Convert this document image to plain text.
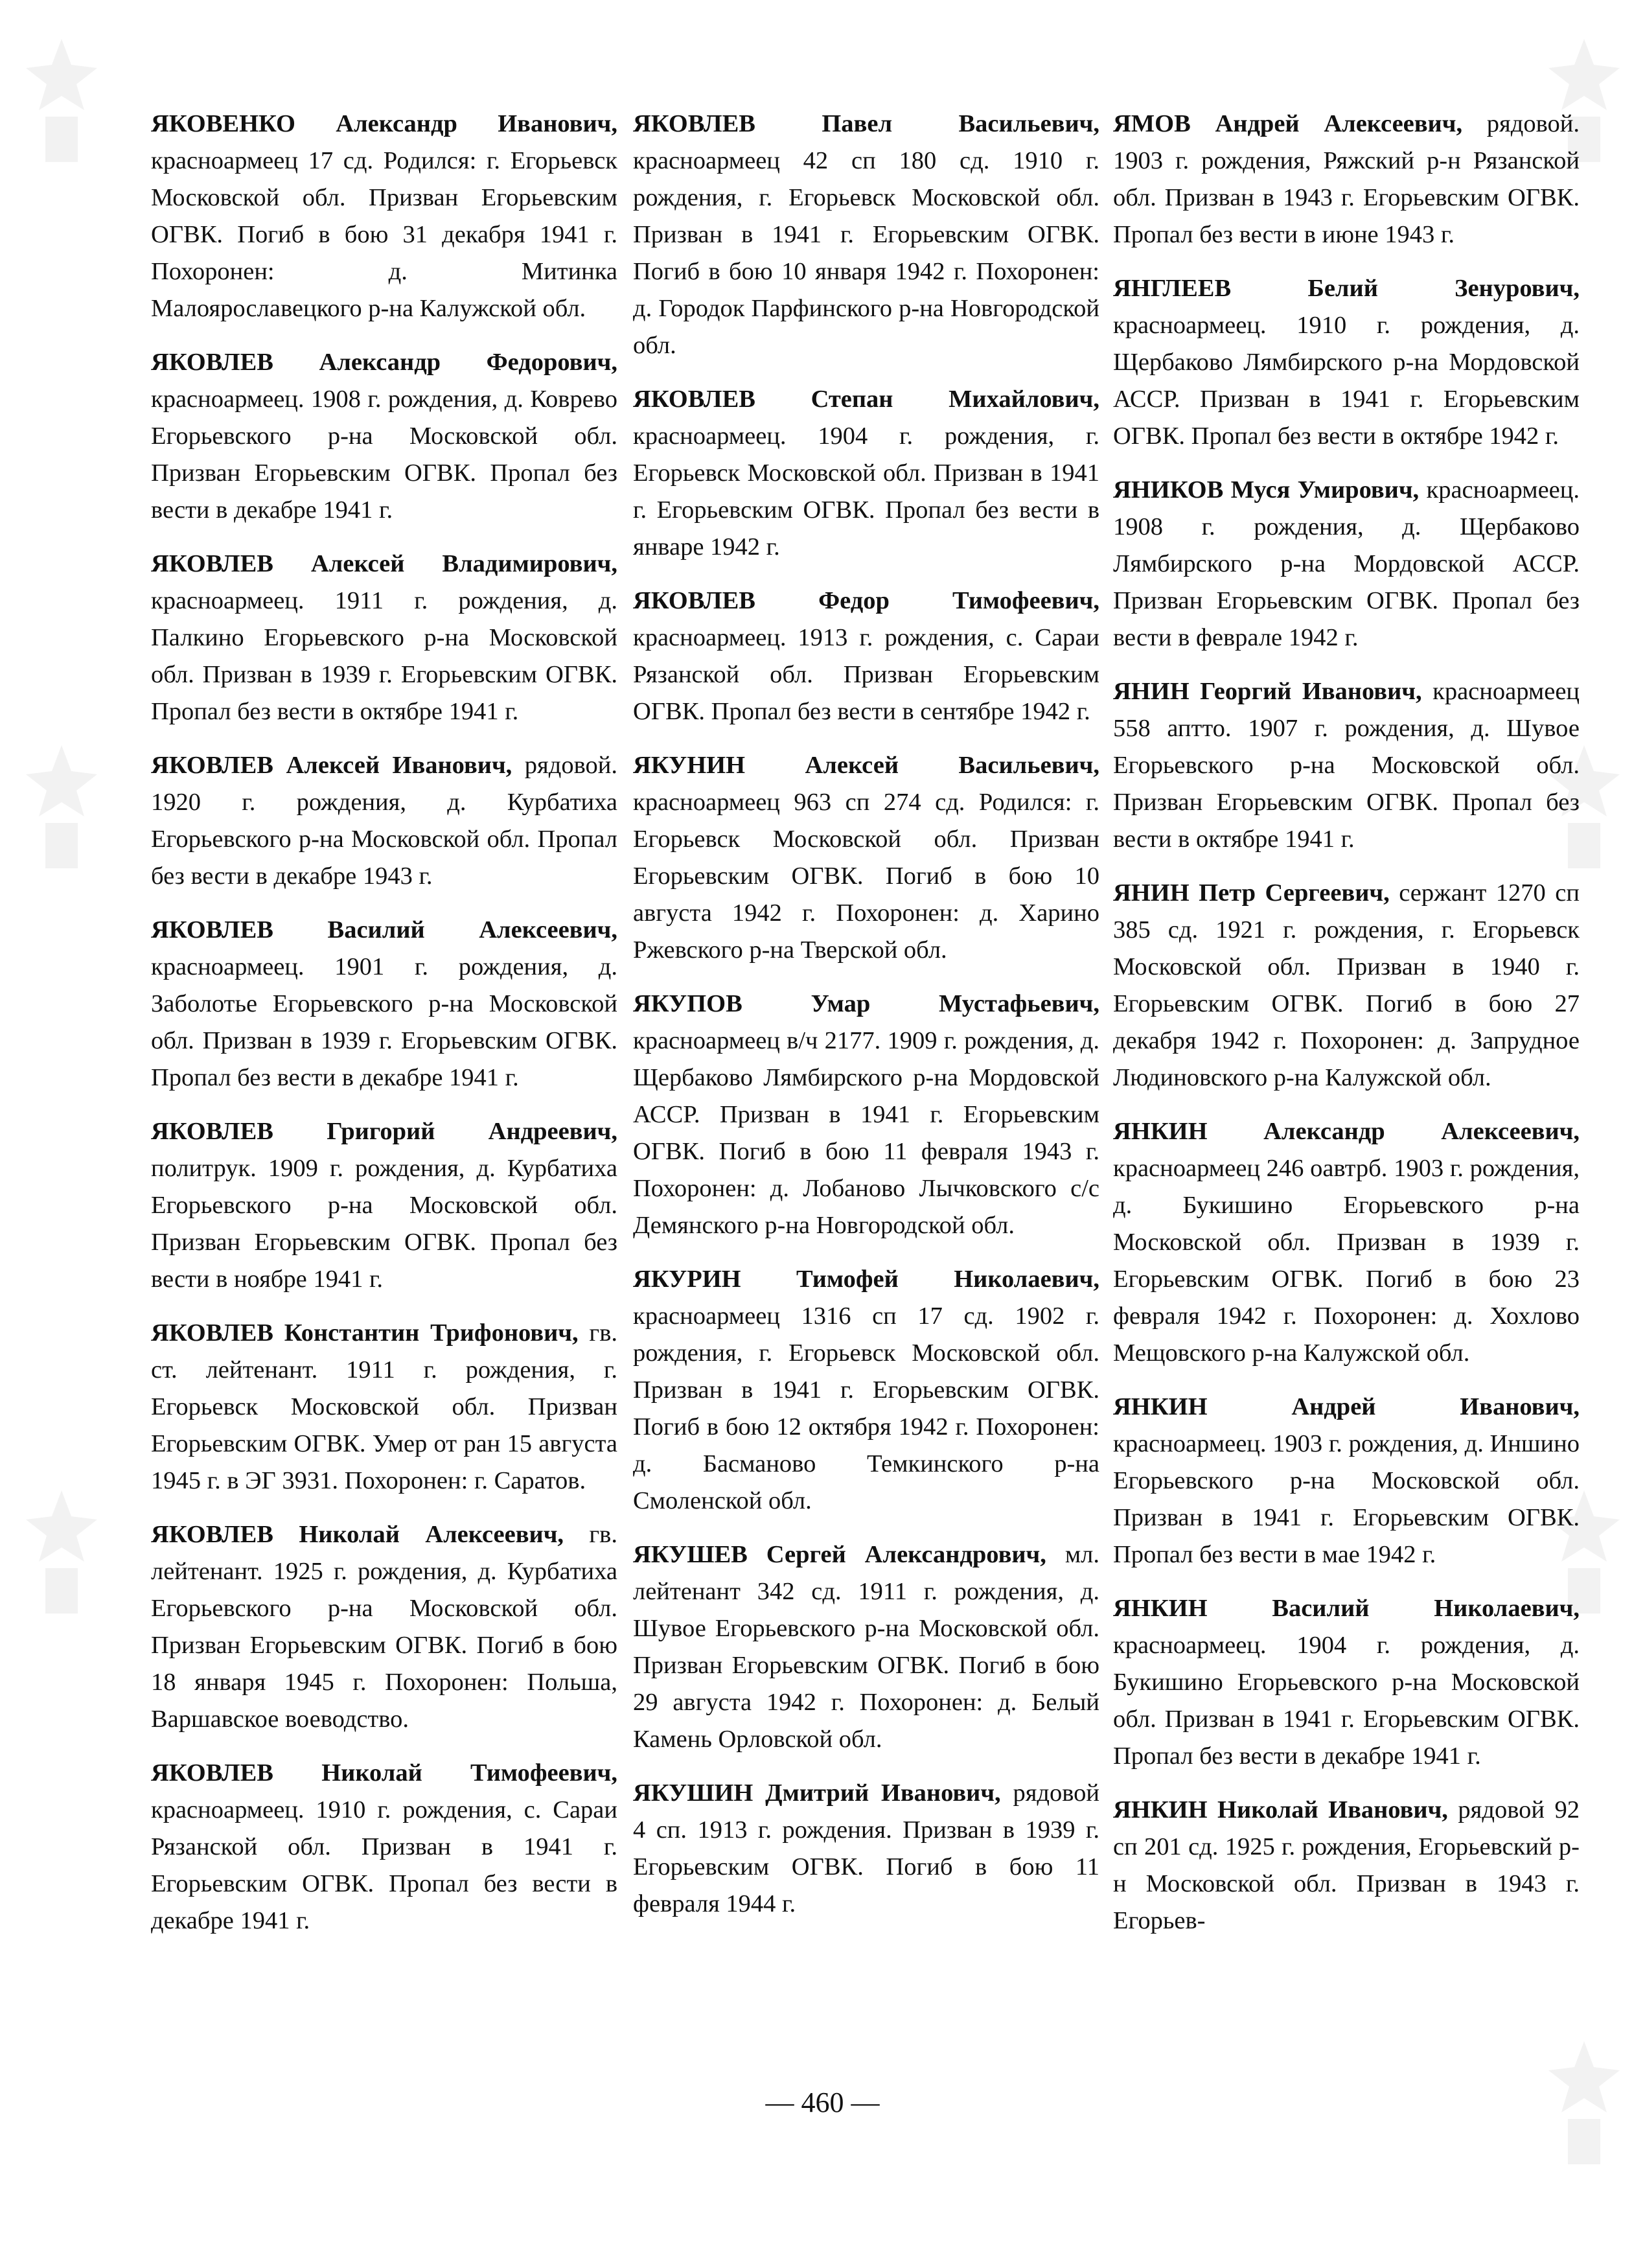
ЯКОВЕНКО Александр Иванович, красноармеец 17 сд. Родился: г. Егорьевск Московской обл. Призван Егорьевским ОГВК. Погиб в бою 31 декабря 1941 г. Похоронен: д. Митинка Малоярославецкого р-на Калужской обл.

ЯКОВЛЕВ Александр Федорович, красноармеец. 1908 г. рождения, д. Коврево Егорьевского р-на Московской обл. Призван Егорьевским ОГВК. Пропал без вести в декабре 1941 г.

ЯКОВЛЕВ Алексей Владимирович, красноармеец. 1911 г. рождения, д. Палкино Егорьевского р-на Московской обл. Призван в 1939 г. Егорьевским ОГВК. Пропал без вести в октябре 1941 г.

ЯКОВЛЕВ Алексей Иванович, рядовой. 1920 г. рождения, д. Курбатиха Егорьевского р-на Московской обл. Пропал без вести в декабре 1943 г.

ЯКОВЛЕВ Василий Алексеевич, красноармеец. 1901 г. рождения, д. Заболотье Егорьевского р-на Московской обл. Призван в 1939 г. Егорьевским ОГВК. Пропал без вести в декабре 1941 г.

ЯКОВЛЕВ Григорий Андреевич, политрук. 1909 г. рождения, д. Курбатиха Егорьевского р-на Московской обл. Призван Егорьевским ОГВК. Пропал без вести в ноябре 1941 г.

ЯКОВЛЕВ Константин Трифонович, гв. ст. лейтенант. 1911 г. рождения, г. Егорьевск Московской обл. Призван Егорьевским ОГВК. Умер от ран 15 августа 1945 г. в ЭГ 3931. Похоронен: г. Саратов.

ЯКОВЛЕВ Николай Алексеевич, гв. лейтенант. 1925 г. рождения, д. Курбатиха Егорьевского р-на Московской обл. Призван Егорьевским ОГВК. Погиб в бою 18 января 1945 г. Похоронен: Польша, Варшавское воеводство.

ЯКОВЛЕВ Николай Тимофеевич, красноармеец. 1910 г. рождения, с. Сараи Рязанской обл. Призван в 1941 г. Егорьевским ОГВК. Пропал без вести в декабре 1941 г.

ЯКОВЛЕВ Павел Васильевич, красноармеец 42 сп 180 сд. 1910 г. рождения, г. Егорьевск Московской обл. Призван в 1941 г. Егорьевским ОГВК. Погиб в бою 10 января 1942 г. Похоронен: д. Городок Парфинского р-на Новгородской обл.

ЯКОВЛЕВ Степан Михайлович, красноармеец. 1904 г. рождения, г. Егорьевск Московской обл. Призван в 1941 г. Егорьевским ОГВК. Пропал без вести в январе 1942 г.

ЯКОВЛЕВ Федор Тимофеевич, красноармеец. 1913 г. рождения, с. Сараи Рязанской обл. Призван Егорьевским ОГВК. Пропал без вести в сентябре 1942 г.

ЯКУНИН Алексей Васильевич, красноармеец 963 сп 274 сд. Родился: г. Егорьевск Московской обл. Призван Егорьевским ОГВК. Погиб в бою 10 августа 1942 г. Похоронен: д. Харино Ржевского р-на Тверской обл.

ЯКУПОВ Умар Мустафьевич, красноармеец в/ч 2177. 1909 г. рождения, д. Щербаково Лямбирского р-на Мордовской АССР. Призван в 1941 г. Егорьевским ОГВК. Погиб в бою 11 февраля 1943 г. Похоронен: д. Лобаново Лычковского с/с Демянского р-на Новгородской обл.

ЯКУРИН Тимофей Николаевич, красноармеец 1316 сп 17 сд. 1902 г. рождения, г. Егорьевск Московской обл. Призван в 1941 г. Егорьевским ОГВК. Погиб в бою 12 октября 1942 г. Похоронен: д. Басманово Темкинского р-на Смоленской обл.

ЯКУШЕВ Сергей Александрович, мл. лейтенант 342 сд. 1911 г. рождения, д. Шувое Егорьевского р-на Московской обл. Призван Егорьевским ОГВК. Погиб в бою 29 августа 1942 г. Похоронен: д. Белый Камень Орловской обл.

ЯКУШИН Дмитрий Иванович, рядовой 4 сп. 1913 г. рождения. Призван в 1939 г. Егорьевским ОГВК. Погиб в бою 11 февраля 1944 г.

ЯМОВ Андрей Алексеевич, рядовой. 1903 г. рождения, Ряжский р-н Рязанской обл. Призван в 1943 г. Егорьевским ОГВК. Пропал без вести в июне 1943 г.

ЯНГЛЕЕВ Белий Зенурович, красноармеец. 1910 г. рождения, д. Щербаково Лямбирского р-на Мордовской АССР. Призван в 1941 г. Егорьевским ОГВК. Пропал без вести в октябре 1942 г.

ЯНИКОВ Муся Умирович, красноармеец. 1908 г. рождения, д. Щербаково Лямбирского р-на Мордовской АССР. Призван Егорьевским ОГВК. Пропал без вести в феврале 1942 г.

ЯНИН Георгий Иванович, красноармеец 558 аптто. 1907 г. рождения, д. Шувое Егорьевского р-на Московской обл. Призван Егорьевским ОГВК. Пропал без вести в октябре 1941 г.

ЯНИН Петр Сергеевич, сержант 1270 сп 385 сд. 1921 г. рождения, г. Егорьевск Московской обл. Призван в 1940 г. Егорьевским ОГВК. Погиб в бою 27 декабря 1942 г. Похоронен: д. Запрудное Людиновского р-на Калужской обл.

ЯНКИН Александр Алексеевич, красноармеец 246 оавтрб. 1903 г. рождения, д. Букишино Егорьевского р-на Московской обл. Призван в 1939 г. Егорьевским ОГВК. Погиб в бою 23 февраля 1942 г. Похоронен: д. Хохлово Мещовского р-на Калужской обл.

ЯНКИН Андрей Иванович, красноармеец. 1903 г. рождения, д. Иншино Егорьевского р-на Московской обл. Призван в 1941 г. Егорьевским ОГВК. Пропал без вести в мае 1942 г.

ЯНКИН Василий Николаевич, красноармеец. 1904 г. рождения, д. Букишино Егорьевского р-на Московской обл. Призван в 1941 г. Егорьевским ОГВК. Пропал без вести в декабре 1941 г.

ЯНКИН Николай Иванович, рядовой 92 сп 201 сд. 1925 г. рождения, Егорьевский р-н Московской обл. Призван в 1943 г. Егорьев-

— 460 —
